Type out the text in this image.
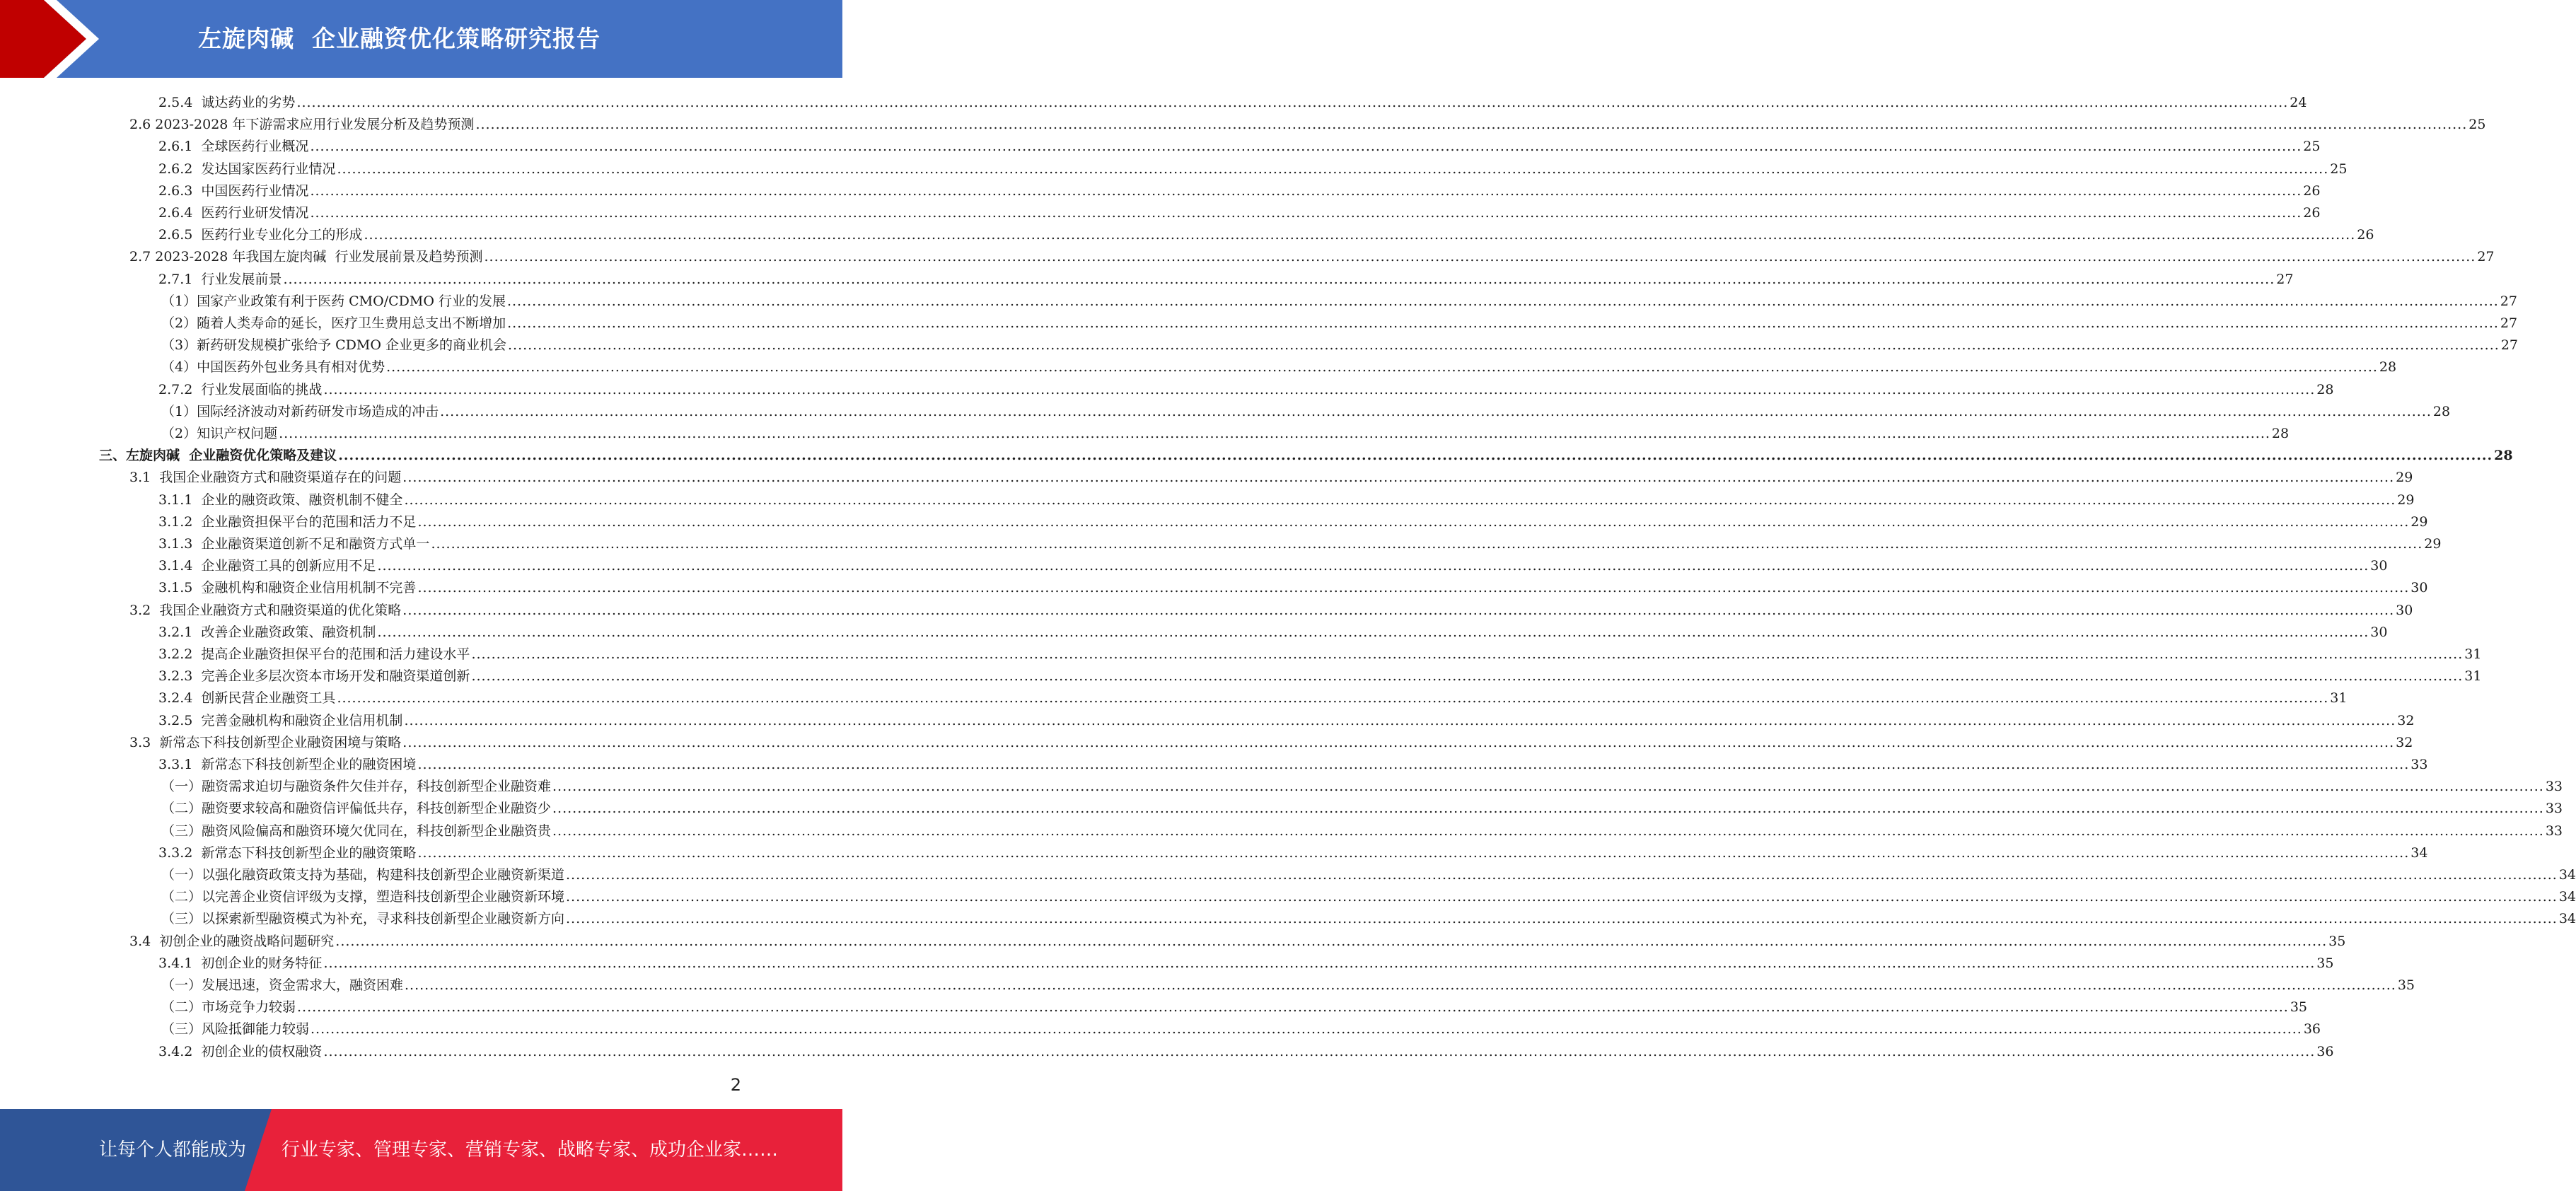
左旋肉碱  企业融资优化策略研究报告
2.5.4  诚达药业的劣势 ................................................................................................................................................................................................................................................................................................................................................................................................................ 24
2.6 2023-2028 年下游需求应用行业发展分析及趋势预测 ................................................................................................................................................................................................................................................................................................................................................................................................................ 25
2.6.1  全球医药行业概况 ................................................................................................................................................................................................................................................................................................................................................................................................................ 25
2.6.2  发达国家医药行业情况 ................................................................................................................................................................................................................................................................................................................................................................................................................ 25
2.6.3  中国医药行业情况 ................................................................................................................................................................................................................................................................................................................................................................................................................ 26
2.6.4  医药行业研发情况 ................................................................................................................................................................................................................................................................................................................................................................................................................ 26
2.6.5  医药行业专业化分工的形成 ................................................................................................................................................................................................................................................................................................................................................................................................................ 26
2.7 2023-2028 年我国左旋肉碱  行业发展前景及趋势预测 ................................................................................................................................................................................................................................................................................................................................................................................................................ 27
2.7.1  行业发展前景 ................................................................................................................................................................................................................................................................................................................................................................................................................ 27
（1）国家产业政策有利于医药 CMO/CDMO 行业的发展 ................................................................................................................................................................................................................................................................................................................................................................................................................ 27
（2）随着人类寿命的延长，医疗卫生费用总支出不断增加 ................................................................................................................................................................................................................................................................................................................................................................................................................ 27
（3）新药研发规模扩张给予 CDMO 企业更多的商业机会 ................................................................................................................................................................................................................................................................................................................................................................................................................ 27
（4）中国医药外包业务具有相对优势 ................................................................................................................................................................................................................................................................................................................................................................................................................ 28
2.7.2  行业发展面临的挑战 ................................................................................................................................................................................................................................................................................................................................................................................................................ 28
（1）国际经济波动对新药研发市场造成的冲击 ................................................................................................................................................................................................................................................................................................................................................................................................................ 28
（2）知识产权问题 ................................................................................................................................................................................................................................................................................................................................................................................................................ 28
三、左旋肉碱  企业融资优化策略及建议 ................................................................................................................................................................................................................................................................................................................................................................................................................ 28
3.1  我国企业融资方式和融资渠道存在的问题 ................................................................................................................................................................................................................................................................................................................................................................................................................ 29
3.1.1  企业的融资政策、融资机制不健全 ................................................................................................................................................................................................................................................................................................................................................................................................................ 29
3.1.2  企业融资担保平台的范围和活力不足 ................................................................................................................................................................................................................................................................................................................................................................................................................ 29
3.1.3  企业融资渠道创新不足和融资方式单一 ................................................................................................................................................................................................................................................................................................................................................................................................................ 29
3.1.4  企业融资工具的创新应用不足 ................................................................................................................................................................................................................................................................................................................................................................................................................ 30
3.1.5  金融机构和融资企业信用机制不完善 ................................................................................................................................................................................................................................................................................................................................................................................................................ 30
3.2  我国企业融资方式和融资渠道的优化策略 ................................................................................................................................................................................................................................................................................................................................................................................................................ 30
3.2.1  改善企业融资政策、融资机制 ................................................................................................................................................................................................................................................................................................................................................................................................................ 30
3.2.2  提高企业融资担保平台的范围和活力建设水平 ................................................................................................................................................................................................................................................................................................................................................................................................................ 31
3.2.3  完善企业多层次资本市场开发和融资渠道创新 ................................................................................................................................................................................................................................................................................................................................................................................................................ 31
3.2.4  创新民营企业融资工具 ................................................................................................................................................................................................................................................................................................................................................................................................................ 31
3.2.5  完善金融机构和融资企业信用机制 ................................................................................................................................................................................................................................................................................................................................................................................................................ 32
3.3  新常态下科技创新型企业融资困境与策略 ................................................................................................................................................................................................................................................................................................................................................................................................................ 32
3.3.1  新常态下科技创新型企业的融资困境 ................................................................................................................................................................................................................................................................................................................................................................................................................ 33
（一）融资需求迫切与融资条件欠佳并存，科技创新型企业融资难 ................................................................................................................................................................................................................................................................................................................................................................................................................ 33
（二）融资要求较高和融资信评偏低共存，科技创新型企业融资少 ................................................................................................................................................................................................................................................................................................................................................................................................................ 33
（三）融资风险偏高和融资环境欠优同在，科技创新型企业融资贵 ................................................................................................................................................................................................................................................................................................................................................................................................................ 33
3.3.2  新常态下科技创新型企业的融资策略 ................................................................................................................................................................................................................................................................................................................................................................................................................ 34
（一）以强化融资政策支持为基础，构建科技创新型企业融资新渠道 ................................................................................................................................................................................................................................................................................................................................................................................................................ 34
（二）以完善企业资信评级为支撑，塑造科技创新型企业融资新环境 ................................................................................................................................................................................................................................................................................................................................................................................................................ 34
（三）以探索新型融资模式为补充，寻求科技创新型企业融资新方向 ................................................................................................................................................................................................................................................................................................................................................................................................................ 34
3.4  初创企业的融资战略问题研究 ................................................................................................................................................................................................................................................................................................................................................................................................................ 35
3.4.1  初创企业的财务特征 ................................................................................................................................................................................................................................................................................................................................................................................................................ 35
（一）发展迅速，资金需求大，融资困难 ................................................................................................................................................................................................................................................................................................................................................................................................................ 35
（二）市场竞争力较弱 ................................................................................................................................................................................................................................................................................................................................................................................................................ 35
（三）风险抵御能力较弱 ................................................................................................................................................................................................................................................................................................................................................................................................................ 36
3.4.2  初创企业的债权融资 ................................................................................................................................................................................................................................................................................................................................................................................................................ 36
2
让每个人都能成为 行业专家、管理专家、营销专家、战略专家、成功企业家……
